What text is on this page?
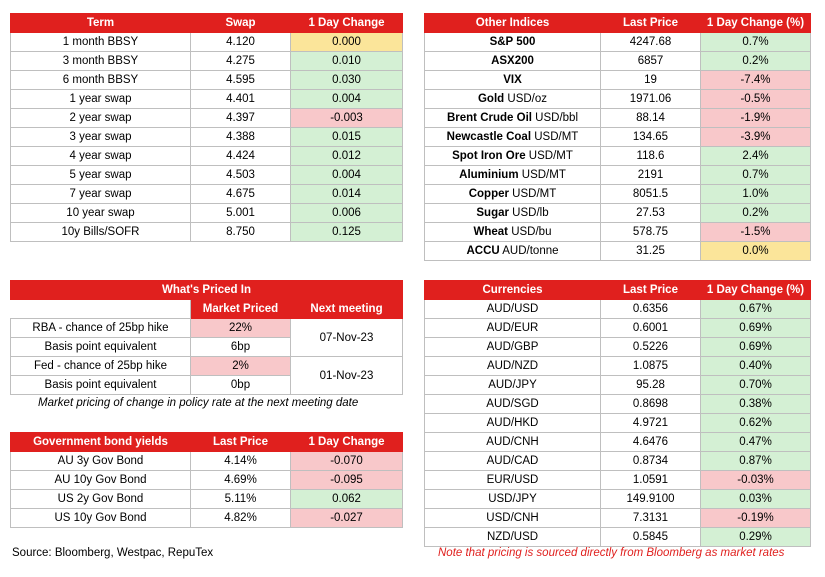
Term	Swap	1 Day Change
1 month BBSY	4.120	0.000
3 month BBSY	4.275	0.010
6 month BBSY	4.595	0.030
1 year swap	4.401	0.004
2 year swap	4.397	-0.003
3 year swap	4.388	0.015
4 year swap	4.424	0.012
5 year swap	4.503	0.004
7 year swap	4.675	0.014
10 year swap	5.001	0.006
10y Bills/SOFR	8.750	0.125
Other Indices	Last Price	1 Day Change (%)
S&P 500	4247.68	0.7%
ASX200	6857	0.2%
VIX	19	-7.4%
Gold USD/oz	1971.06	-0.5%
Brent Crude Oil USD/bbl	88.14	-1.9%
Newcastle Coal USD/MT	134.65	-3.9%
Spot Iron Ore USD/MT	118.6	2.4%
Aluminium USD/MT	2191	0.7%
Copper USD/MT	8051.5	1.0%
Sugar USD/lb	27.53	0.2%
Wheat USD/bu	578.75	-1.5%
ACCU AUD/tonne	31.25	0.0%
What's Priced In		
	Market Priced	Next meeting
RBA - chance of 25bp hike	22%	07-Nov-23
Basis point equivalent	6bp	
Fed - chance of 25bp hike	2%	01-Nov-23
Basis point equivalent	0bp	
Market pricing of change in policy rate at the next meeting date
Government bond yields	Last Price	1 Day Change
AU 3y Gov Bond	4.14%	-0.070
AU 10y Gov Bond	4.69%	-0.095
US 2y Gov Bond	5.11%	0.062
US 10y Gov Bond	4.82%	-0.027
Currencies	Last Price	1 Day Change (%)
AUD/USD	0.6356	0.67%
AUD/EUR	0.6001	0.69%
AUD/GBP	0.5226	0.69%
AUD/NZD	1.0875	0.40%
AUD/JPY	95.28	0.70%
AUD/SGD	0.8698	0.38%
AUD/HKD	4.9721	0.62%
AUD/CNH	4.6476	0.47%
AUD/CAD	0.8734	0.87%
EUR/USD	1.0591	-0.03%
USD/JPY	149.9100	0.03%
USD/CNH	7.3131	-0.19%
NZD/USD	0.5845	0.29%
Source: Bloomberg, Westpac, RepuTex	Note that pricing is sourced directly from Bloomberg as market rates
